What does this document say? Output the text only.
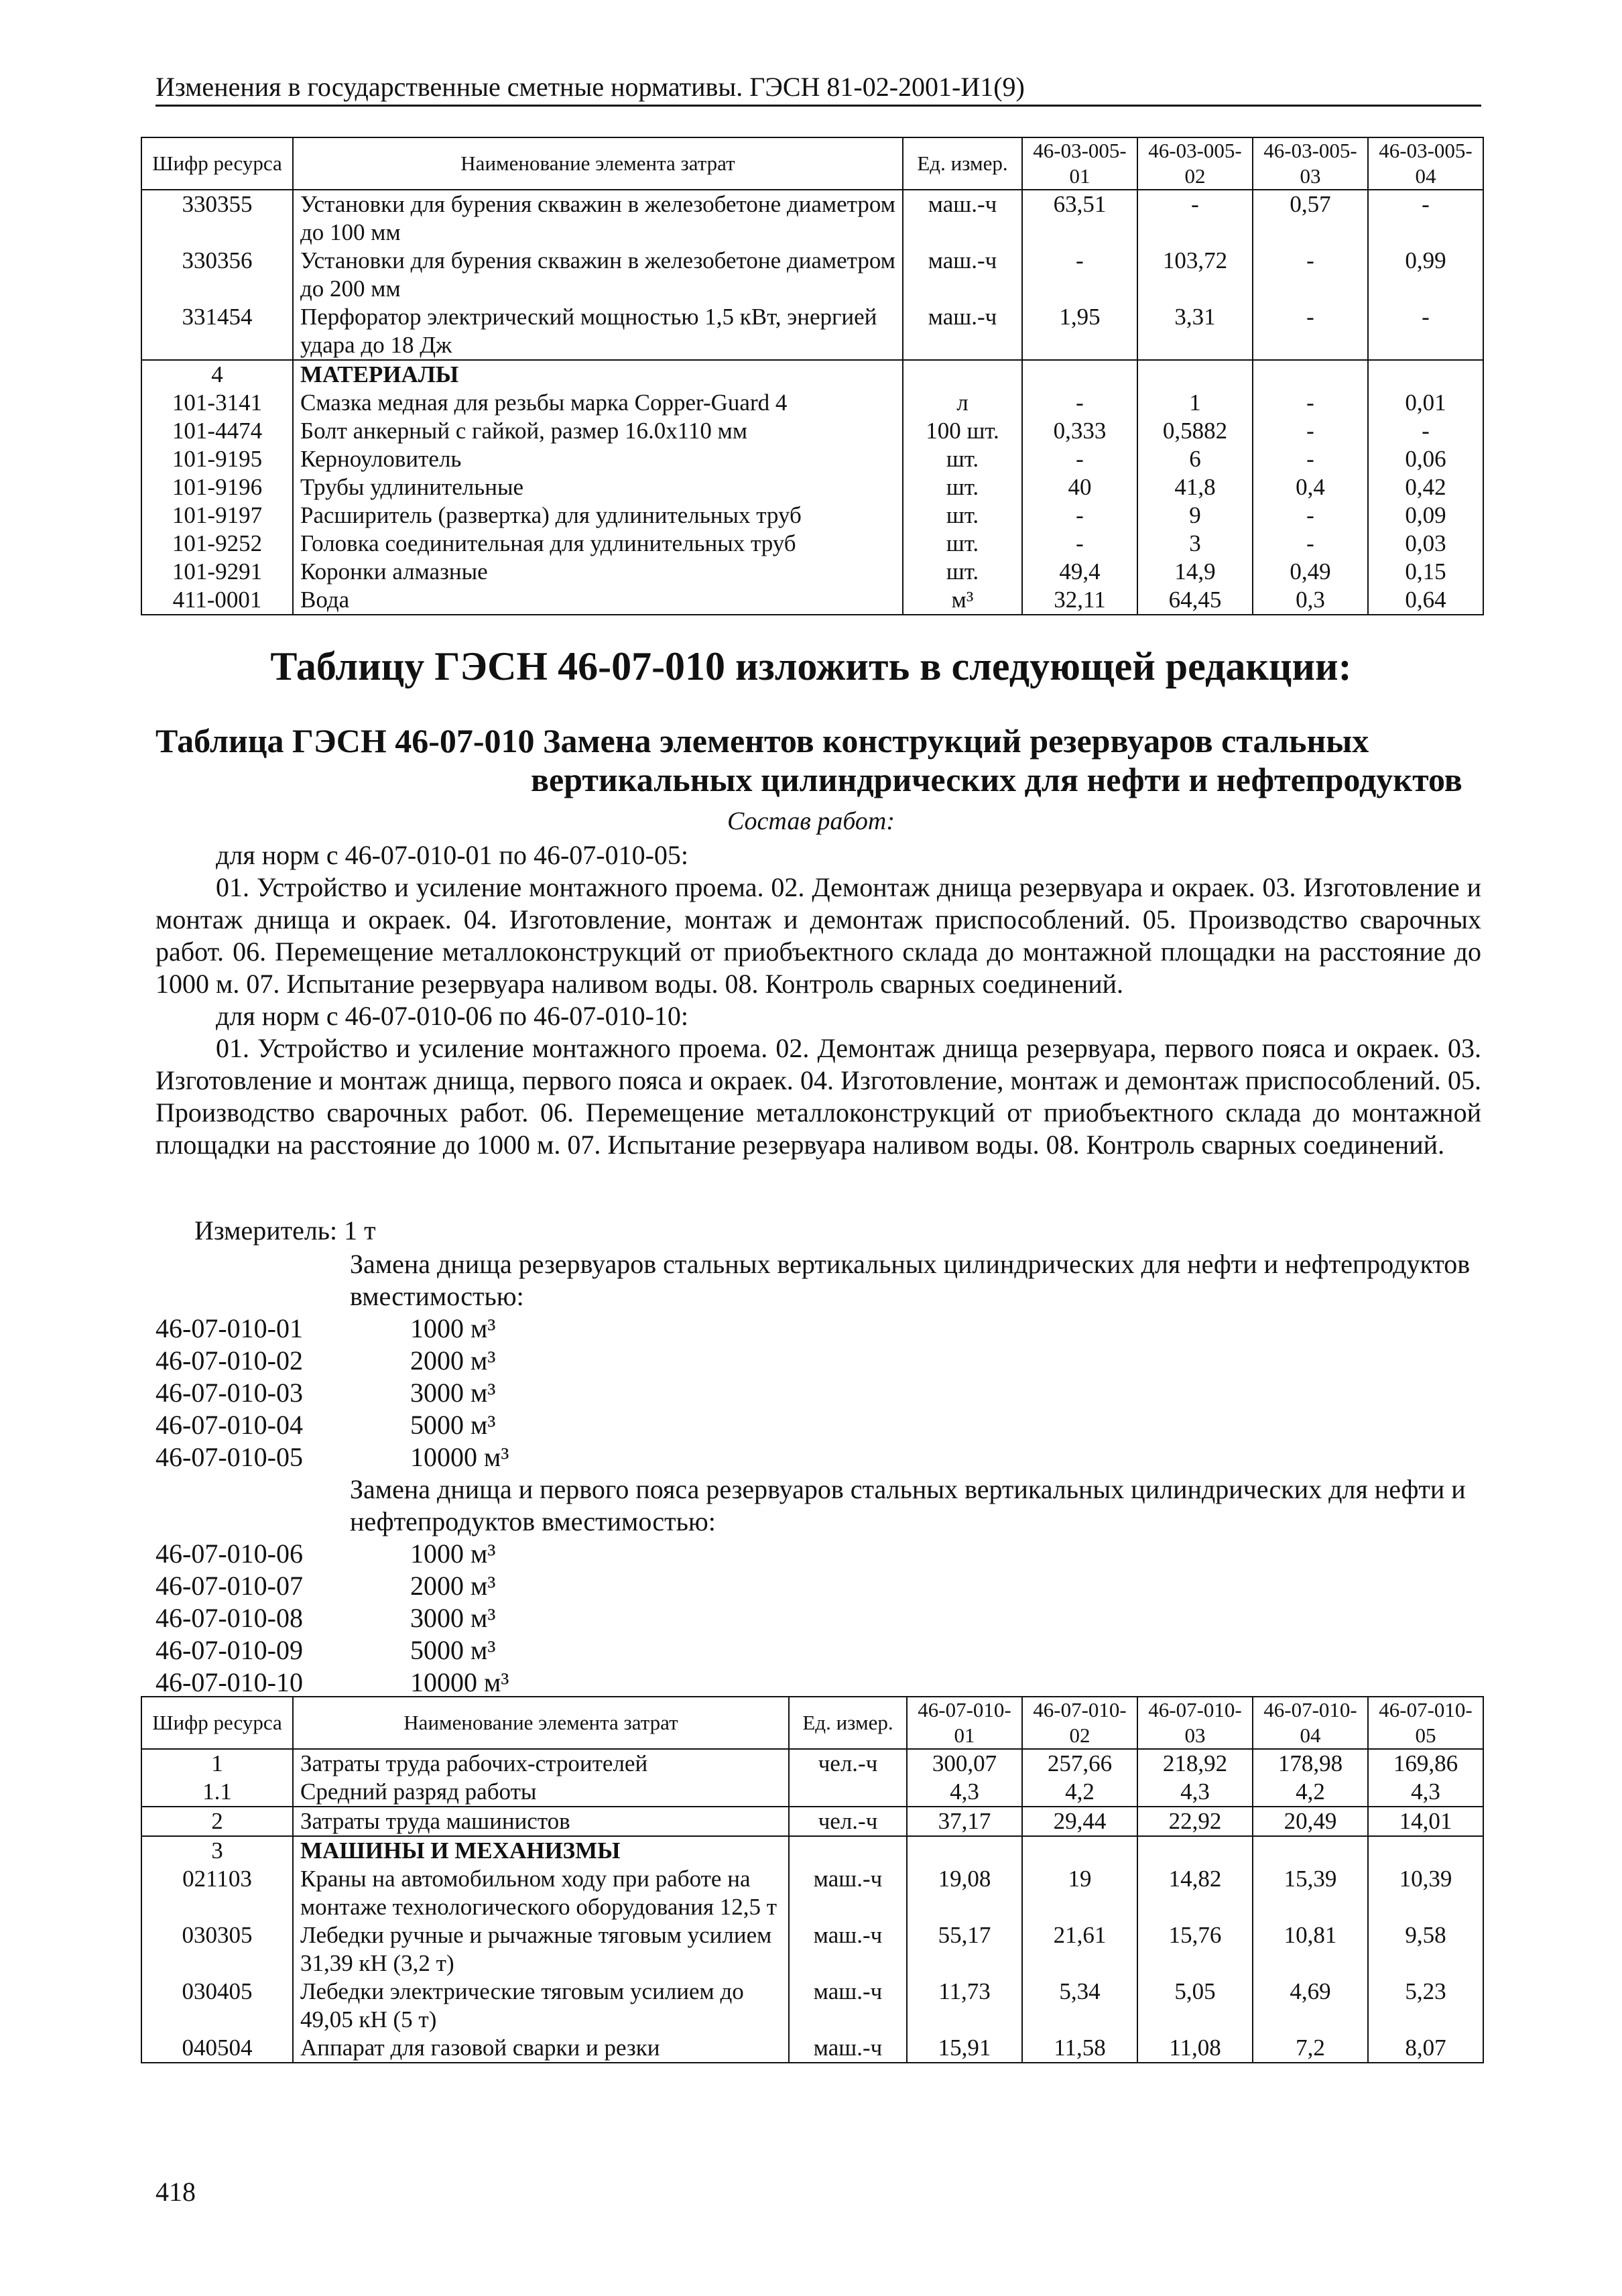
Изменения в государственные сметные нормативы. ГЭСН 81-02-2001-И1(9)
Шифр ресурса	Наименование элемента затрат	Ед. измер.	46-03-005-01	46-03-005-02	46-03-005-03	46-03-005-04
330355	Установки для бурения скважин в железобетоне диаметром до 100 мм	маш.-ч	63,51	-	0,57	-
330356	Установки для бурения скважин в железобетоне диаметром до 200 мм	маш.-ч	-	103,72	-	0,99
331454	Перфоратор электрический мощностью 1,5 кВт, энергией удара до 18 Дж	маш.-ч	1,95	3,31	-	-
4	МАТЕРИАЛЫ					
101-3141	Смазка медная для резьбы марка Copper-Guard 4	л	-	1	-	0,01
101-4474	Болт анкерный с гайкой, размер 16.0x110 мм	100 шт.	0,333	0,5882	-	-
101-9195	Керноуловитель	шт.	-	6	-	0,06
101-9196	Трубы удлинительные	шт.	40	41,8	0,4	0,42
101-9197	Расширитель (развертка) для удлинительных труб	шт.	-	9	-	0,09
101-9252	Головка соединительная для удлинительных труб	шт.	-	3	-	0,03
101-9291	Коронки алмазные	шт.	49,4	14,9	0,49	0,15
411-0001	Вода	м³	32,11	64,45	0,3	0,64
Таблицу ГЭСН 46-07-010 изложить в следующей редакции:
Таблица ГЭСН 46-07-010 Замена элементов конструкций резервуаров стальных
вертикальных цилиндрических для нефти и нефтепродуктов
Состав работ:

для норм с 46-07-010-01 по 46-07-010-05:

01. Устройство и усиление монтажного проема. 02. Демонтаж днища резервуара и окраек. 03. Изготовление и монтаж днища и окраек. 04. Изготовление, монтаж и демонтаж приспособлений. 05. Производство сварочных работ. 06. Перемещение металлоконструкций от приобъектного склада до монтажной площадки на расстояние до 1000 м. 07. Испытание резервуара наливом воды. 08. Контроль сварных соединений.

для норм с 46-07-010-06 по 46-07-010-10:

01. Устройство и усиление монтажного проема. 02. Демонтаж днища резервуара, первого пояса и окраек. 03. Изготовление и монтаж днища, первого пояса и окраек. 04. Изготовление, монтаж и демонтаж приспособлений. 05. Производство сварочных работ. 06. Перемещение металлоконструкций от приобъектного склада до монтажной площадки на расстояние до 1000 м. 07. Испытание резервуара наливом воды. 08. Контроль сварных соединений.

Измеритель: 1 т
Замена днища резервуаров стальных вертикальных цилиндрических для нефти и нефтепродуктов вместимостью:
46-07-010-01	1000 м³
46-07-010-02	2000 м³
46-07-010-03	3000 м³
46-07-010-04	5000 м³
46-07-010-05	10000 м³
Замена днища и первого пояса резервуаров стальных вертикальных цилиндрических для нефти и нефтепродуктов вместимостью:
46-07-010-06	1000 м³
46-07-010-07	2000 м³
46-07-010-08	3000 м³
46-07-010-09	5000 м³
46-07-010-10	10000 м³
Шифр ресурса	Наименование элемента затрат	Ед. измер.	46-07-010-01	46-07-010-02	46-07-010-03	46-07-010-04	46-07-010-05
1	Затраты труда рабочих-строителей	чел.-ч	300,07	257,66	218,92	178,98	169,86
1.1	Средний разряд работы		4,3	4,2	4,3	4,2	4,3
2	Затраты труда машинистов	чел.-ч	37,17	29,44	22,92	20,49	14,01
3	МАШИНЫ И МЕХАНИЗМЫ						
021103	Краны на автомобильном ходу при работе на монтаже технологического оборудования 12,5 т	маш.-ч	19,08	19	14,82	15,39	10,39
030305	Лебедки ручные и рычажные тяговым усилием 31,39 кН (3,2 т)	маш.-ч	55,17	21,61	15,76	10,81	9,58
030405	Лебедки электрические тяговым усилием до 49,05 кН (5 т)	маш.-ч	11,73	5,34	5,05	4,69	5,23
040504	Аппарат для газовой сварки и резки	маш.-ч	15,91	11,58	11,08	7,2	8,07
418
